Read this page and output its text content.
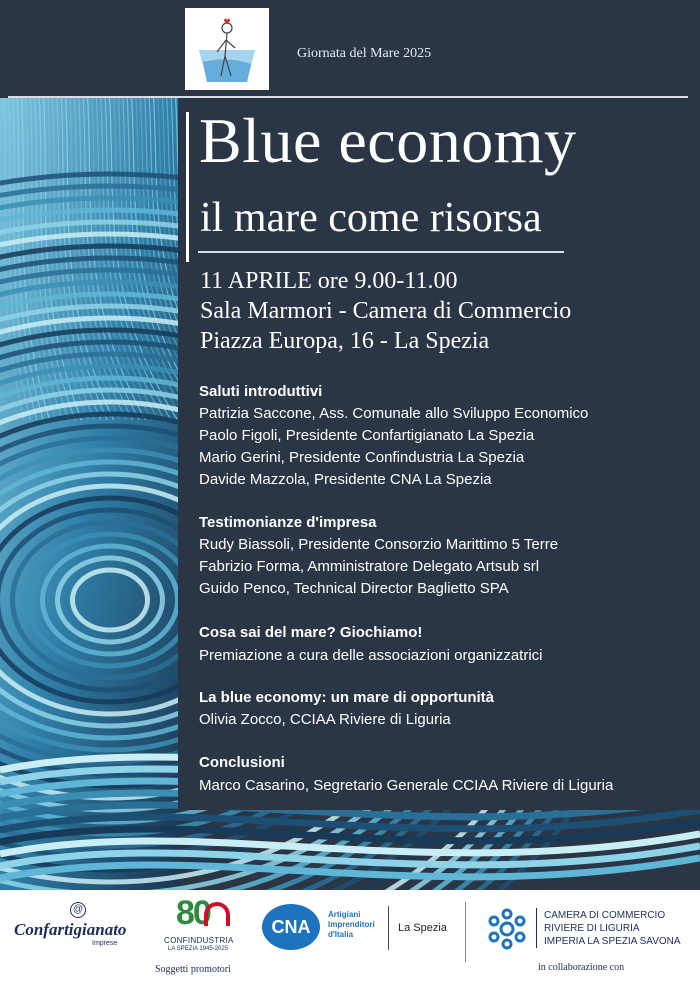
Giornata del Mare 2025
Blue economy
il mare come risorsa
11 APRILE ore 9.00-11.00
Sala Marmori - Camera di Commercio
Piazza Europa, 16 - La Spezia
Saluti introduttivi
Patrizia Saccone, Ass. Comunale allo Sviluppo Economico
Paolo Figoli, Presidente Confartigianato La Spezia
Mario Gerini, Presidente Confindustria La Spezia
Davide Mazzola, Presidente CNA La Spezia
Testimonianze d'impresa
Rudy Biassoli, Presidente Consorzio Marittimo 5 Terre
Fabrizio Forma, Amministratore Delegato Artsub srl
Guido Penco, Technical Director Baglietto SPA
Cosa sai del mare? Giochiamo!
Premiazione a cura delle associazioni organizzatrici
La blue economy: un mare di opportunità
Olivia Zocco, CCIAA Riviere di Liguria
Conclusioni
Marco Casarino, Segretario Generale CCIAA Riviere di Liguria
@
Confartigianato
Imprese
80
CONFINDUSTRIA
LA SPEZIA 1945-2025
CNA
Artigiani
Imprenditori
d'Italia
La Spezia
CAMERA DI COMMERCIO
RIVIERE DI LIGURIA
IMPERIA LA SPEZIA SAVONA
Soggetti promotori	in collaborazione con
